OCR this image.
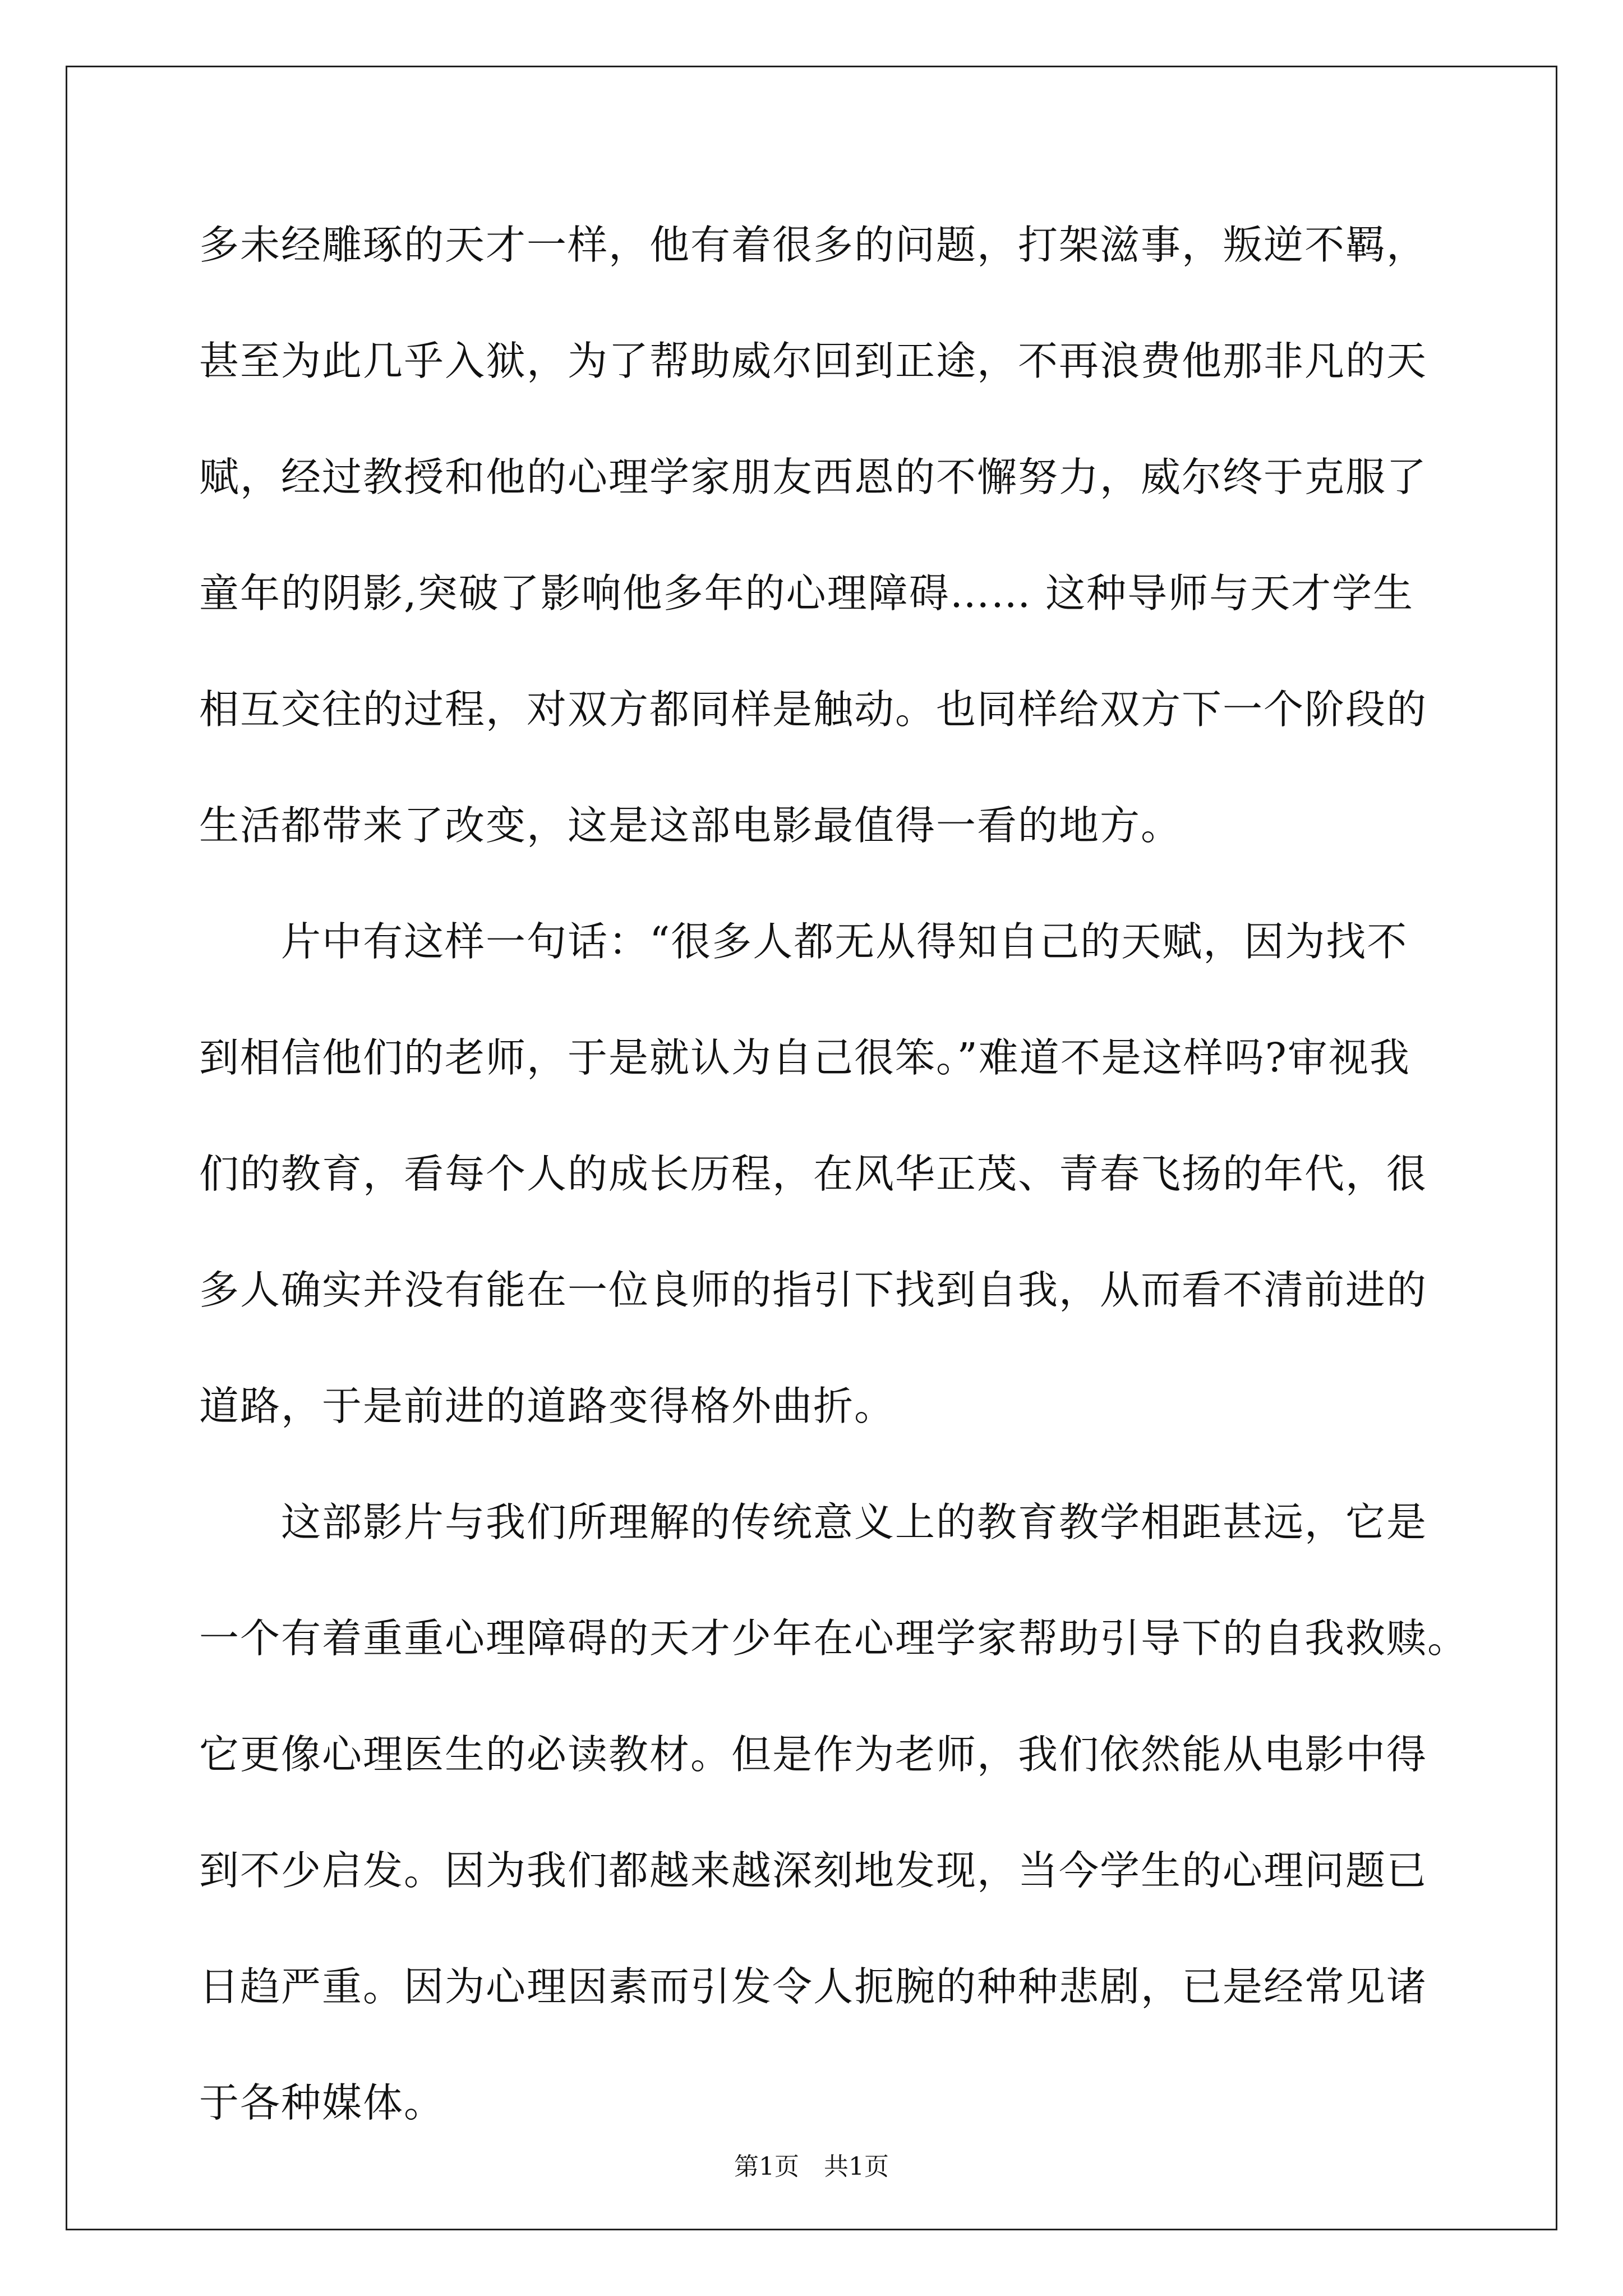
多未经雕琢的天才一样，他有着很多的问题，打架滋事，叛逆不羁，
甚至为此几乎入狱，为了帮助威尔回到正途，不再浪费他那非凡的天
赋，经过教授和他的心理学家朋友西恩的不懈努力，威尔终于克服了
童年的阴影,突破了影响他多年的心理障碍…… 这种导师与天才学生
相互交往的过程，对双方都同样是触动。也同样给双方下一个阶段的
生活都带来了改变，这是这部电影最值得一看的地方。
　　片中有这样一句话：“很多人都无从得知自己的天赋，因为找不
到相信他们的老师，于是就认为自己很笨。”难道不是这样吗?审视我
们的教育，看每个人的成长历程，在风华正茂、青春飞扬的年代，很
多人确实并没有能在一位良师的指引下找到自我，从而看不清前进的
道路，于是前进的道路变得格外曲折。
　　这部影片与我们所理解的传统意义上的教育教学相距甚远，它是
一个有着重重心理障碍的天才少年在心理学家帮助引导下的自我救赎。
它更像心理医生的必读教材。但是作为老师，我们依然能从电影中得
到不少启发。因为我们都越来越深刻地发现，当今学生的心理问题已
日趋严重。因为心理因素而引发令人扼腕的种种悲剧，已是经常见诸
于各种媒体。
第1页　共1页
